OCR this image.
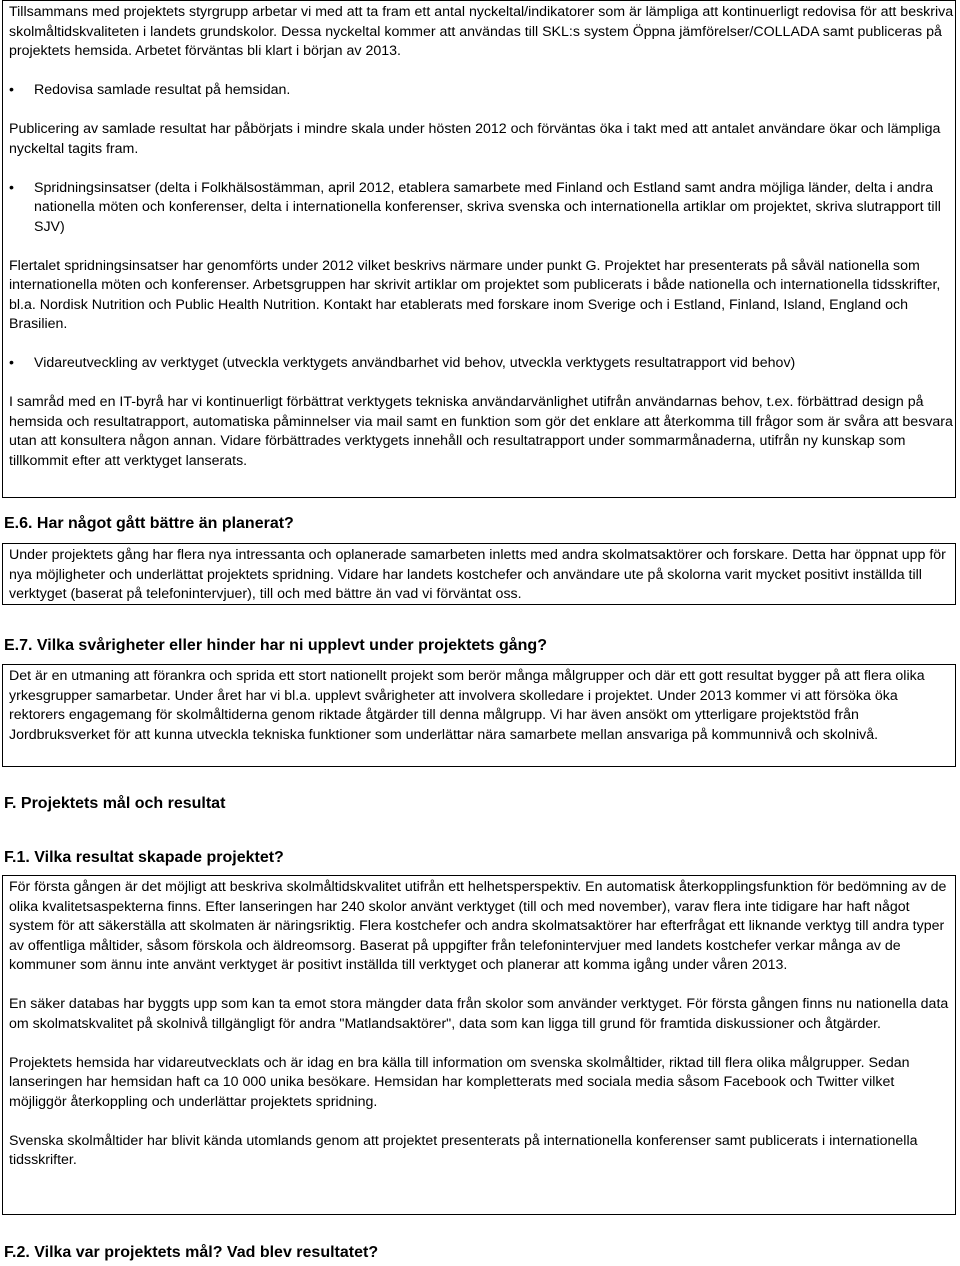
Tillsammans med projektets styrgrupp arbetar vi med att ta fram ett antal nyckeltal/indikatorer som är lämpliga att kontinuerligt redovisa för att beskriva skolmåltidskvaliteten i landets grundskolor. Dessa nyckeltal kommer att användas till SKL:s system Öppna jämförelser/COLLADA samt publiceras på projektets hemsida. Arbetet förväntas bli klart i början av 2013.

• Redovisa samlade resultat på hemsidan.

Publicering av samlade resultat har påbörjats i mindre skala under hösten 2012 och förväntas öka i takt med att antalet användare ökar och lämpliga nyckeltal tagits fram.

• Spridningsinsatser (delta i Folkhälsostämman, april 2012, etablera samarbete med Finland och Estland samt andra möjliga länder, delta i andra nationella möten och konferenser, delta i internationella konferenser, skriva svenska och internationella artiklar om projektet, skriva slutrapport till SJV)

Flertalet spridningsinsatser har genomförts under 2012 vilket beskrivs närmare under punkt G. Projektet har presenterats på såväl nationella som internationella möten och konferenser. Arbetsgruppen har skrivit artiklar om projektet som publicerats i både nationella och internationella tidsskrifter, bl.a. Nordisk Nutrition och Public Health Nutrition. Kontakt har etablerats med forskare inom Sverige och i Estland, Finland, Island, England och Brasilien.

• Vidareutveckling av verktyget (utveckla verktygets användbarhet vid behov, utveckla verktygets resultatrapport vid behov)

I samråd med en IT-byrå har vi kontinuerligt förbättrat verktygets tekniska användarvänlighet utifrån användarnas behov, t.ex. förbättrad design på hemsida och resultatrapport, automatiska påminnelser via mail samt en funktion som gör det enklare att återkomma till frågor som är svåra att besvara utan att konsultera någon annan. Vidare förbättrades verktygets innehåll och resultatrapport under sommarmånaderna, utifrån ny kunskap som tillkommit efter att verktyget lanserats.

E.6. Har något gått bättre än planerat?

Under projektets gång har flera nya intressanta och oplanerade samarbeten inletts med andra skolmatsaktörer och forskare. Detta har öppnat upp för nya möjligheter och underlättat projektets spridning. Vidare har landets kostchefer och användare ute på skolorna varit mycket positivt inställda till verktyget (baserat på telefonintervjuer), till och med bättre än vad vi förväntat oss.

E.7. Vilka svårigheter eller hinder har ni upplevt under projektets gång?

Det är en utmaning att förankra och sprida ett stort nationellt projekt som berör många målgrupper och där ett gott resultat bygger på att flera olika yrkesgrupper samarbetar. Under året har vi bl.a. upplevt svårigheter att involvera skolledare i projektet. Under 2013 kommer vi att försöka öka rektorers engagemang för skolmåltiderna genom riktade åtgärder till denna målgrupp. Vi har även ansökt om ytterligare projektstöd från Jordbruksverket för att kunna utveckla tekniska funktioner som underlättar nära samarbete mellan ansvariga på kommunnivå och skolnivå.

F. Projektets mål och resultat
F.1. Vilka resultat skapade projektet?

För första gången är det möjligt att beskriva skolmåltidskvalitet utifrån ett helhetsperspektiv. En automatisk återkopplingsfunktion för bedömning av de olika kvalitetsaspekterna finns. Efter lanseringen har 240 skolor använt verktyget (till och med november), varav flera inte tidigare har haft något system för att säkerställa att skolmaten är näringsriktig. Flera kostchefer och andra skolmatsaktörer har efterfrågat ett liknande verktyg till andra typer av offentliga måltider, såsom förskola och äldreomsorg. Baserat på uppgifter från telefonintervjuer med landets kostchefer verkar många av de kommuner som ännu inte använt verktyget är positivt inställda till verktyget och planerar att komma igång under våren 2013.

En säker databas har byggts upp som kan ta emot stora mängder data från skolor som använder verktyget. För första gången finns nu nationella data om skolmatskvalitet på skolnivå tillgängligt för andra "Matlandsaktörer", data som kan ligga till grund för framtida diskussioner och åtgärder.

Projektets hemsida har vidareutvecklats och är idag en bra källa till information om svenska skolmåltider, riktad till flera olika målgrupper. Sedan lanseringen har hemsidan haft ca 10 000 unika besökare. Hemsidan har kompletterats med sociala media såsom Facebook och Twitter vilket möjliggör återkoppling och underlättar projektets spridning.

Svenska skolmåltider har blivit kända utomlands genom att projektet presenterats på internationella konferenser samt publicerats i internationella tidsskrifter.

F.2. Vilka var projektets mål? Vad blev resultatet?
